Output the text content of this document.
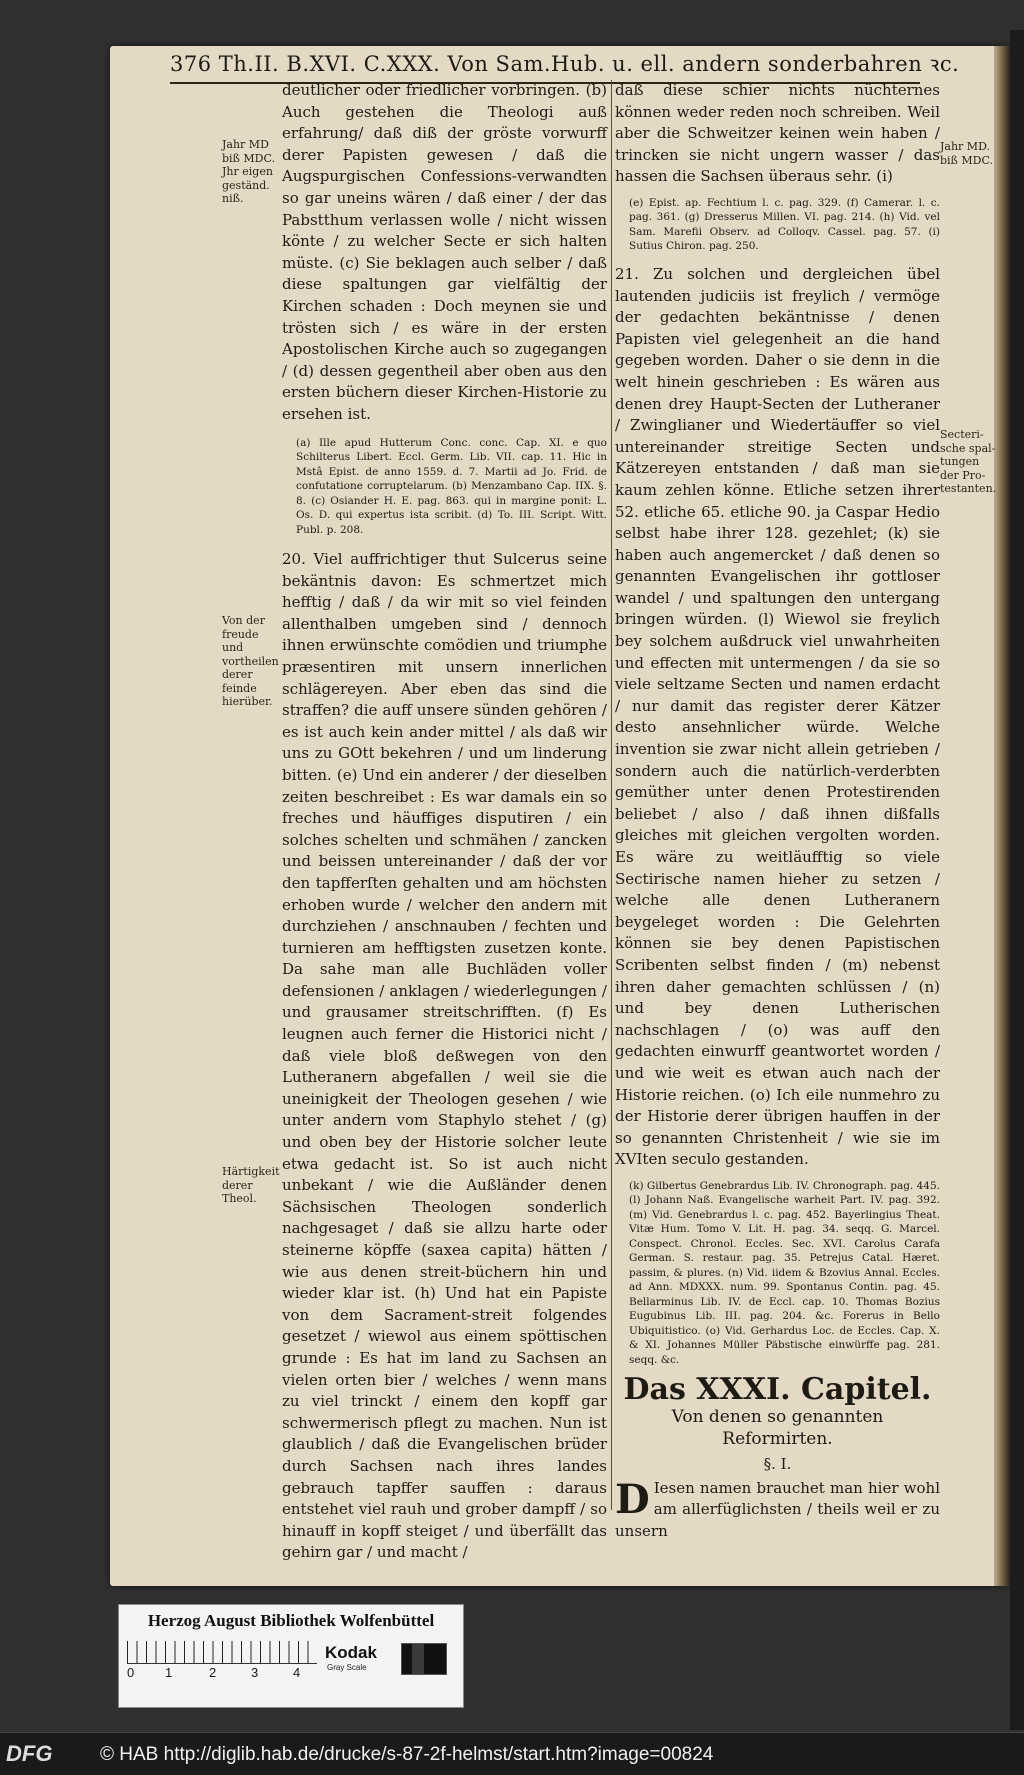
376 Th.II. B.XVI. C.XXX. Von Sam.Hub. u. ell. andern sonderbahren ꝛc.
Jahr MD biß MDC. Jhr eigen geständ. niß.
Von der freude und vortheilen derer feinde hierüber.
Härtigkeit derer Theol.
Jahr MD. biß MDC.
Secteri- sche spal- tungen der Pro- testanten.

deutlicher oder friedlicher vorbringen. (b) Auch gestehen die Theologi auß erfahrung/ daß diß der gröste vorwurff derer Papisten gewesen / daß die Augspurgischen Confessions-verwandten so gar uneins wären / daß einer / der das Pabstthum verlassen wolle / nicht wissen könte / zu welcher Secte er sich halten müste. (c) Sie beklagen auch selber / daß diese spaltungen gar vielfältig der Kirchen schaden : Doch meynen sie und trösten sich / es wäre in der ersten Apostolischen Kirche auch so zugegangen / (d) dessen gegentheil aber oben aus den ersten büchern dieser Kirchen-Historie zu ersehen ist.

(a) Ille apud Hutterum Conc. conc. Cap. XI. e quo Schilterus Libert. Eccl. Germ. Lib. VII. cap. 11. Hic in Mstâ Epist. de anno 1559. d. 7. Martii ad Jo. Frid. de confutatione corruptelarum. (b) Menzambano Cap. IIX. §. 8. (c) Osiander H. E. pag. 863. qui in margine ponit: L. Os. D. qui expertus ista scribit. (d) To. III. Script. Witt. Publ. p. 208.

20. Viel auffrichtiger thut Sulcerus seine bekäntnis davon: Es schmertzet mich hefftig / daß / da wir mit so viel feinden allenthalben umgeben sind / dennoch ihnen erwünschte comödien und triumphe præsentiren mit unsern innerlichen schlägereyen. Aber eben das sind die straffen? die auff unsere sünden gehören / es ist auch kein ander mittel / als daß wir uns zu GOtt bekehren / und um linderung bitten. (e) Und ein anderer / der dieselben zeiten beschreibet : Es war damals ein so freches und häuffiges disputiren / ein solches schelten und schmähen / zancken und beissen untereinander / daß der vor den tapfferſten gehalten und am höchsten erhoben wurde / welcher den andern mit durchziehen / anschnauben / fechten und turnieren am hefftigsten zusetzen konte. Da sahe man alle Buchläden voller defensionen / anklagen / wiederlegungen / und grausamer streitschrifften. (f) Es leugnen auch ferner die Historici nicht / daß viele bloß deßwegen von den Lutheranern abgefallen / weil sie die uneinigkeit der Theologen gesehen / wie unter andern vom Staphylo stehet / (g) und oben bey der Historie solcher leute etwa gedacht ist. So ist auch nicht unbekant / wie die Außländer denen Sächsischen Theologen sonderlich nachgesaget / daß sie allzu harte oder steinerne köpffe (saxea capita) hätten / wie aus denen streit-büchern hin und wieder klar ist. (h) Und hat ein Papiste von dem Sacrament-streit folgendes gesetzet / wiewol aus einem spöttischen grunde : Es hat im land zu Sachsen an vielen orten bier / welches / wenn mans zu viel trinckt / einem den kopff gar schwermerisch pflegt zu machen. Nun ist glaublich / daß die Evangelischen brüder durch Sachsen nach ihres landes gebrauch tapffer sauffen : daraus entstehet viel rauh und grober dampff / so hinauff in kopff steiget / und überfällt das gehirn gar / und macht /

daß diese schier nichts nüchternes können weder reden noch schreiben. Weil aber die Schweitzer keinen wein haben / trincken sie nicht ungern wasser / das hassen die Sachsen überaus sehr. (i)

(e) Epist. ap. Fechtium l. c. pag. 329. (f) Camerar. l. c. pag. 361. (g) Dresserus Millen. VI. pag. 214. (h) Vid. vel Sam. Marefii Observ. ad Colloqv. Cassel. pag. 57. (i) Sutius Chiron. pag. 250.

21. Zu solchen und dergleichen übel lautenden judiciis ist freylich / vermöge der gedachten bekäntnisse / denen Papisten viel gelegenheit an die hand gegeben worden. Daher o sie denn in die welt hinein geschrieben : Es wären aus denen drey Haupt-Secten der Lutheraner / Zwinglianer und Wiedertäuffer so viel untereinander streitige Secten und Kätzereyen entstanden / daß man sie kaum zehlen könne. Etliche setzen ihrer 52. etliche 65. etliche 90. ja Caspar Hedio selbst habe ihrer 128. gezehlet; (k) sie haben auch angemercket / daß denen so genannten Evangelischen ihr gottloser wandel / und spaltungen den untergang bringen würden. (l) Wiewol sie freylich bey solchem außdruck viel unwahrheiten und effecten mit untermengen / da sie so viele seltzame Secten und namen erdacht / nur damit das register derer Kätzer desto ansehnlicher würde. Welche invention sie zwar nicht allein getrieben / sondern auch die natürlich-verderbten gemüther unter denen Protestirenden beliebet / also / daß ihnen dißfalls gleiches mit gleichen vergolten worden. Es wäre zu weitläufftig so viele Sectirische namen hieher zu setzen / welche alle denen Lutheranern beygeleget worden : Die Gelehrten können sie bey denen Papistischen Scribenten selbst finden / (m) nebenst ihren daher gemachten schlüssen / (n) und bey denen Lutherischen nachschlagen / (o) was auff den gedachten einwurff geantwortet worden / und wie weit es etwan auch nach der Historie reichen. (o) Ich eile nunmehro zu der Historie derer übrigen hauffen in der so genannten Christenheit / wie sie im XVIten seculo gestanden.

(k) Gilbertus Genebrardus Lib. IV. Chronograph. pag. 445. (l) Johann Naß. Evangelische warheit Part. IV. pag. 392. (m) Vid. Genebrardus l. c. pag. 452. Bayerlingius Theat. Vitæ Hum. Tomo V. Lit. H. pag. 34. seqq. G. Marcel. Conspect. Chronol. Eccles. Sec. XVI. Carolus Carafa German. S. restaur. pag. 35. Petrejus Catal. Hæret. passim, & plures. (n) Vid. iidem & Bzovius Annal. Eccles. ad Ann. MDXXX. num. 99. Spontanus Contin. pag. 45. Bellarminus Lib. IV. de Eccl. cap. 10. Thomas Bozius Eugubinus Lib. III. pag. 204. &c. Forerus in Bello Ubiquitistico. (o) Vid. Gerhardus Loc. de Eccles. Cap. X. & XI. Johannes Müller Päbstische einwürffe pag. 281. seqq. &c.

Das XXXI. Capitel.
Von denen so genannten Reformirten.
§. I.

D Iesen namen brauchet man hier wohl am allerfüglichsten / theils weil er zu unsern

Herzog August Bibliothek Wolfenbüttel
0 1	2	3	4
Kodak
Gray Scale
DFG	© HAB http://diglib.hab.de/drucke/s-87-2f-helmst/start.htm?image=00824
